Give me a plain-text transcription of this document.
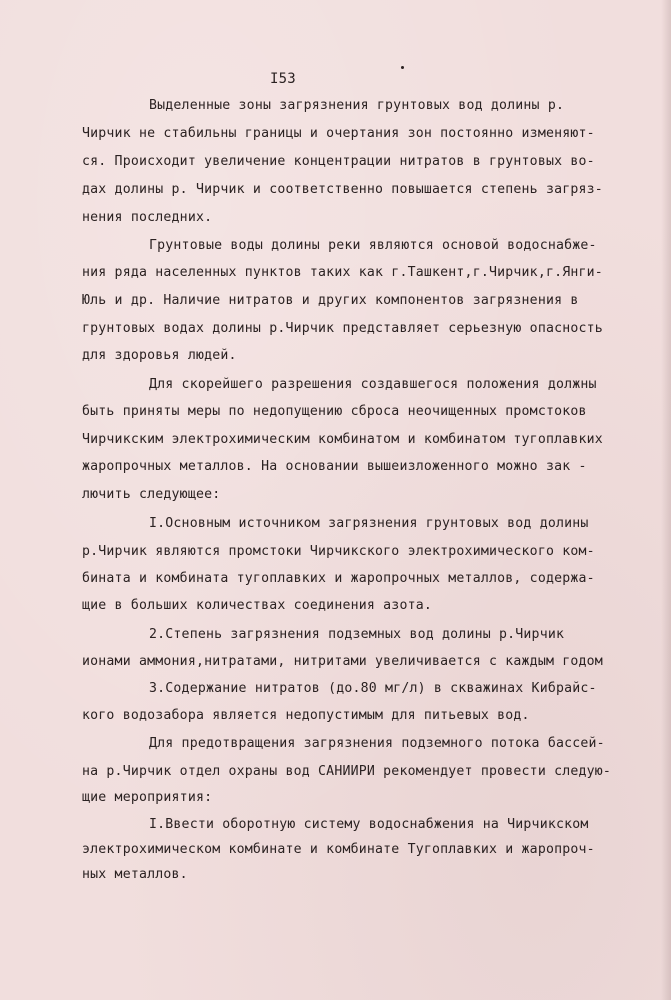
I53
Выделенные зоны загрязнения грунтовых вод долины р.
Чирчик не стабильны границы и очертания зон постоянно изменяют-
ся. Происходит увеличение концентрации нитратов в грунтовых во-
дах долины р. Чирчик и соответственно повышается степень загряз-
нения последних.
Грунтовые воды долины реки являются основой водоснабже-
ния ряда населенных пунктов таких как г.Ташкент,г.Чирчик,г.Янги-
Юль и др. Наличие нитратов и других компонентов загрязнения в
грунтовых водах долины р.Чирчик представляет серьезную опасность
для здоровья людей.
Для скорейшего разрешения создавшегося положения должны
быть приняты меры по недопущению сброса неочищенных промстоков
Чирчикским электрохимическим комбинатом и комбинатом тугоплавких
жаропрочных металлов. На основании вышеизложенного можно зак -
лючить следующее:
I.Основным источником загрязнения грунтовых вод долины
р.Чирчик являются промстоки Чирчикского электрохимического ком-
бината и комбината тугоплавких и жаропрочных металлов, содержа-
щие в больших количествах соединения азота.
2.Степень загрязнения подземных вод долины р.Чирчик
ионами аммония,нитратами, нитритами увеличивается с каждым годом
3.Содержание нитратов (до.80 мг/л) в скважинах Кибрайс-
кого водозабора является недопустимым для питьевых вод.
Для предотвращения загрязнения подземного потока бассей-
на р.Чирчик отдел охраны вод САНИИРИ рекомендует провести следую-
щие мероприятия:
I.Ввести оборотную систему водоснабжения на Чирчикском
электрохимическом комбинате и комбинате Тугоплавких и жаропроч-
ных металлов.
